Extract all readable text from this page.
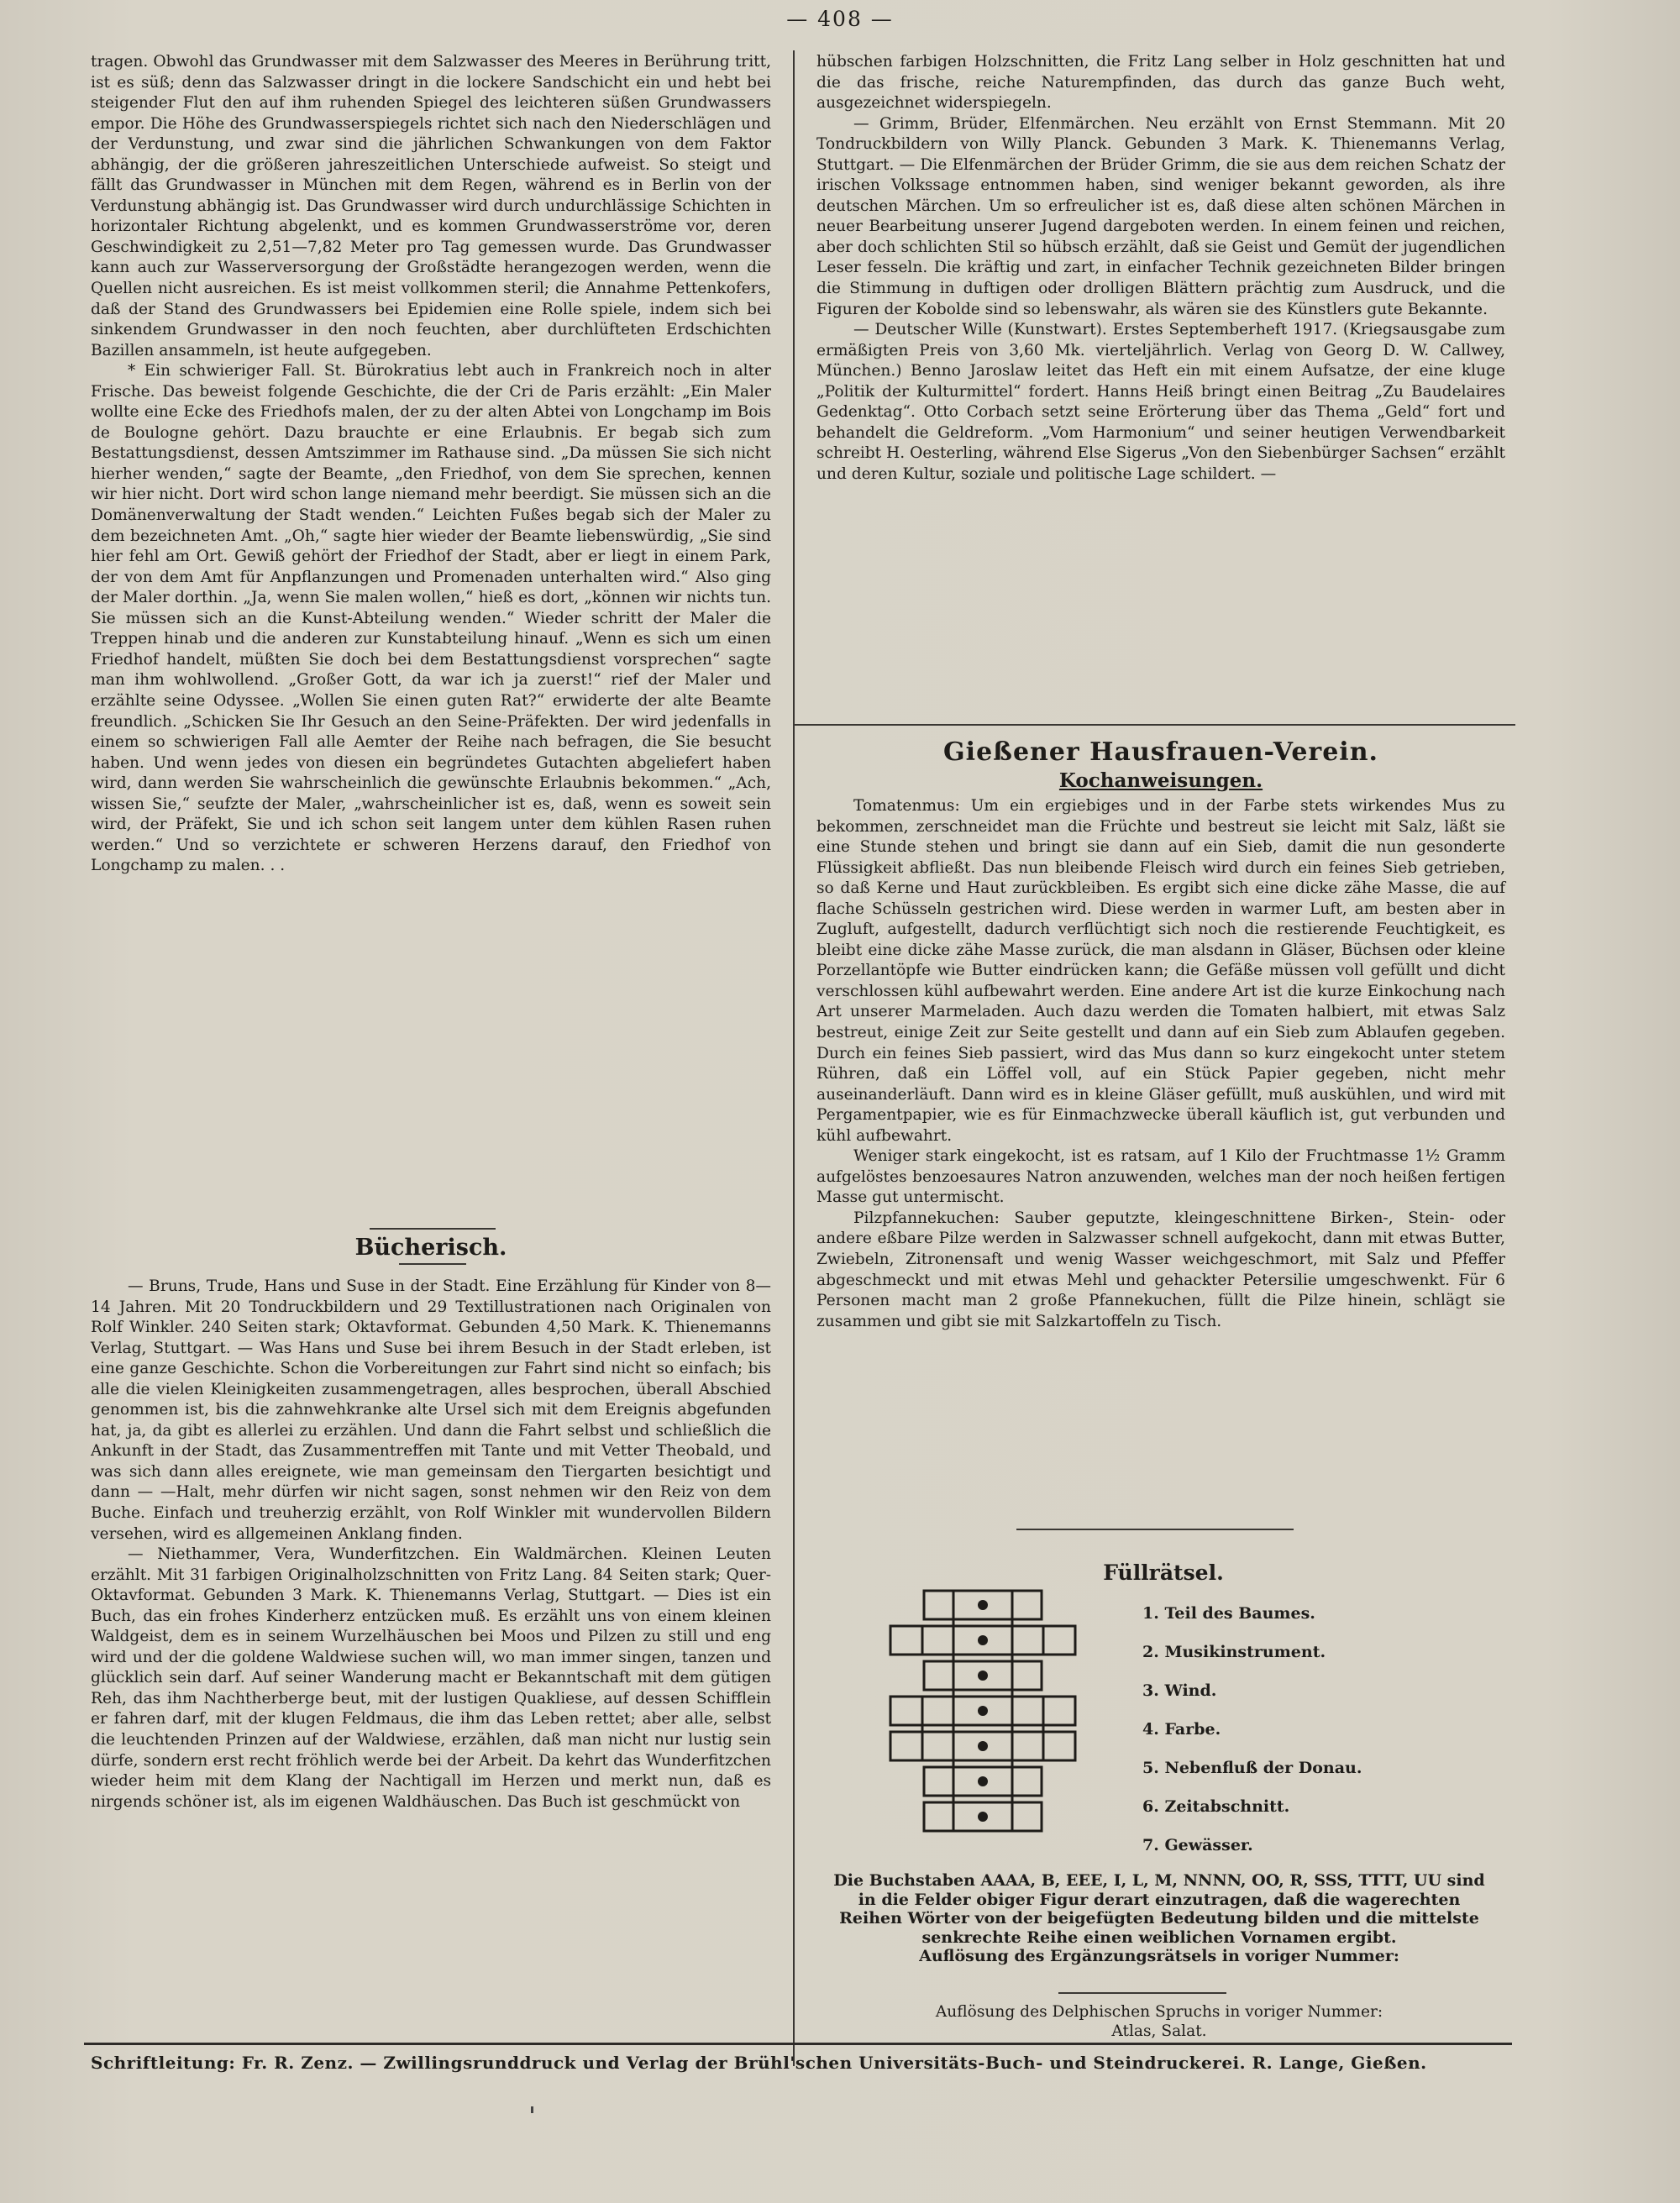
— 408 —

tragen. Obwohl das Grundwasser mit dem Salzwasser des Meeres in Berührung tritt, ist es süß; denn das Salzwasser dringt in die lockere Sandschicht ein und hebt bei steigender Flut den auf ihm ruhenden Spiegel des leichteren süßen Grundwassers empor. Die Höhe des Grundwasserspiegels richtet sich nach den Niederschlägen und der Verdunstung, und zwar sind die jährlichen Schwankungen von dem Faktor abhängig, der die größeren jahreszeitlichen Unterschiede aufweist. So steigt und fällt das Grundwasser in München mit dem Regen, während es in Berlin von der Verdunstung abhängig ist. Das Grundwasser wird durch undurchlässige Schichten in horizontaler Richtung abgelenkt, und es kommen Grundwasserströme vor, deren Geschwindigkeit zu 2,51—7,82 Meter pro Tag gemessen wurde. Das Grundwasser kann auch zur Wasserversorgung der Großstädte herangezogen werden, wenn die Quellen nicht ausreichen. Es ist meist vollkommen steril; die Annahme Pettenkofers, daß der Stand des Grundwassers bei Epidemien eine Rolle spiele, indem sich bei sinkendem Grundwasser in den noch feuchten, aber durchlüfteten Erdschichten Bazillen ansammeln, ist heute aufgegeben.

* Ein schwieriger Fall. St. Bürokratius lebt auch in Frankreich noch in alter Frische. Das beweist folgende Geschichte, die der Cri de Paris erzählt: „Ein Maler wollte eine Ecke des Friedhofs malen, der zu der alten Abtei von Longchamp im Bois de Boulogne gehört. Dazu brauchte er eine Erlaubnis. Er begab sich zum Bestattungsdienst, dessen Amtszimmer im Rathause sind. „Da müssen Sie sich nicht hierher wenden,“ sagte der Beamte, „den Friedhof, von dem Sie sprechen, kennen wir hier nicht. Dort wird schon lange niemand mehr beerdigt. Sie müssen sich an die Domänenverwaltung der Stadt wenden.“ Leichten Fußes begab sich der Maler zu dem bezeichneten Amt. „Oh,“ sagte hier wieder der Beamte liebenswürdig, „Sie sind hier fehl am Ort. Gewiß gehört der Friedhof der Stadt, aber er liegt in einem Park, der von dem Amt für Anpflanzungen und Promenaden unterhalten wird.“ Also ging der Maler dorthin. „Ja, wenn Sie malen wollen,“ hieß es dort, „können wir nichts tun. Sie müssen sich an die Kunst-Abteilung wenden.“ Wieder schritt der Maler die Treppen hinab und die anderen zur Kunstabteilung hinauf. „Wenn es sich um einen Friedhof handelt, müßten Sie doch bei dem Bestattungsdienst vorsprechen“ sagte man ihm wohlwollend. „Großer Gott, da war ich ja zuerst!“ rief der Maler und erzählte seine Odyssee. „Wollen Sie einen guten Rat?“ erwiderte der alte Beamte freundlich. „Schicken Sie Ihr Gesuch an den Seine-Präfekten. Der wird jedenfalls in einem so schwierigen Fall alle Aemter der Reihe nach befragen, die Sie besucht haben. Und wenn jedes von diesen ein begründetes Gutachten abgeliefert haben wird, dann werden Sie wahrscheinlich die gewünschte Erlaubnis bekommen.“ „Ach, wissen Sie,“ seufzte der Maler, „wahrscheinlicher ist es, daß, wenn es soweit sein wird, der Präfekt, Sie und ich schon seit langem unter dem kühlen Rasen ruhen werden.“ Und so verzichtete er schweren Herzens darauf, den Friedhof von Longchamp zu malen. . .

Bücherisch.

— Bruns, Trude, Hans und Suse in der Stadt. Eine Erzählung für Kinder von 8—14 Jahren. Mit 20 Tondruckbildern und 29 Textillustrationen nach Originalen von Rolf Winkler. 240 Seiten stark; Oktavformat. Gebunden 4,50 Mark. K. Thienemanns Verlag, Stuttgart. — Was Hans und Suse bei ihrem Besuch in der Stadt erleben, ist eine ganze Geschichte. Schon die Vorbereitungen zur Fahrt sind nicht so einfach; bis alle die vielen Kleinigkeiten zusammengetragen, alles besprochen, überall Abschied genommen ist, bis die zahnwehkranke alte Ursel sich mit dem Ereignis abgefunden hat, ja, da gibt es allerlei zu erzählen. Und dann die Fahrt selbst und schließlich die Ankunft in der Stadt, das Zusammentreffen mit Tante und mit Vetter Theobald, und was sich dann alles ereignete, wie man gemeinsam den Tiergarten besichtigt und dann — —Halt, mehr dürfen wir nicht sagen, sonst nehmen wir den Reiz von dem Buche. Einfach und treuherzig erzählt, von Rolf Winkler mit wundervollen Bildern versehen, wird es allgemeinen Anklang finden.

— Niethammer, Vera, Wunderfitzchen. Ein Waldmärchen. Kleinen Leuten erzählt. Mit 31 farbigen Originalholzschnitten von Fritz Lang. 84 Seiten stark; Quer-Oktavformat. Gebunden 3 Mark. K. Thienemanns Verlag, Stuttgart. — Dies ist ein Buch, das ein frohes Kinderherz entzücken muß. Es erzählt uns von einem kleinen Waldgeist, dem es in seinem Wurzelhäuschen bei Moos und Pilzen zu still und eng wird und der die goldene Waldwiese suchen will, wo man immer singen, tanzen und glücklich sein darf. Auf seiner Wanderung macht er Bekanntschaft mit dem gütigen Reh, das ihm Nachtherberge beut, mit der lustigen Quakliese, auf dessen Schifflein er fahren darf, mit der klugen Feldmaus, die ihm das Leben rettet; aber alle, selbst die leuchtenden Prinzen auf der Waldwiese, erzählen, daß man nicht nur lustig sein dürfe, sondern erst recht fröhlich werde bei der Arbeit. Da kehrt das Wunderfitzchen wieder heim mit dem Klang der Nachtigall im Herzen und merkt nun, daß es nirgends schöner ist, als im eigenen Waldhäuschen. Das Buch ist geschmückt von

hübschen farbigen Holzschnitten, die Fritz Lang selber in Holz geschnitten hat und die das frische, reiche Naturempfinden, das durch das ganze Buch weht, ausgezeichnet widerspiegeln.

— Grimm, Brüder, Elfenmärchen. Neu erzählt von Ernst Stemmann. Mit 20 Tondruckbildern von Willy Planck. Gebunden 3 Mark. K. Thienemanns Verlag, Stuttgart. — Die Elfenmärchen der Brüder Grimm, die sie aus dem reichen Schatz der irischen Volkssage entnommen haben, sind weniger bekannt geworden, als ihre deutschen Märchen. Um so erfreulicher ist es, daß diese alten schönen Märchen in neuer Bearbeitung unserer Jugend dargeboten werden. In einem feinen und reichen, aber doch schlichten Stil so hübsch erzählt, daß sie Geist und Gemüt der jugendlichen Leser fesseln. Die kräftig und zart, in einfacher Technik gezeichneten Bilder bringen die Stimmung in duftigen oder drolligen Blättern prächtig zum Ausdruck, und die Figuren der Kobolde sind so lebenswahr, als wären sie des Künstlers gute Bekannte.

— Deutscher Wille (Kunstwart). Erstes Septemberheft 1917. (Kriegsausgabe zum ermäßigten Preis von 3,60 Mk. vierteljährlich. Verlag von Georg D. W. Callwey, München.) Benno Jaroslaw leitet das Heft ein mit einem Aufsatze, der eine kluge „Politik der Kulturmittel“ fordert. Hanns Heiß bringt einen Beitrag „Zu Baudelaires Gedenktag“. Otto Corbach setzt seine Erörterung über das Thema „Geld“ fort und behandelt die Geldreform. „Vom Harmonium“ und seiner heutigen Verwendbarkeit schreibt H. Oesterling, während Else Sigerus „Von den Siebenbürger Sachsen“ erzählt und deren Kultur, soziale und politische Lage schildert. —

Gießener Hausfrauen-Verein.
Kochanweisungen.

Tomatenmus: Um ein ergiebiges und in der Farbe stets wirkendes Mus zu bekommen, zerschneidet man die Früchte und bestreut sie leicht mit Salz, läßt sie eine Stunde stehen und bringt sie dann auf ein Sieb, damit die nun gesonderte Flüssigkeit abfließt. Das nun bleibende Fleisch wird durch ein feines Sieb getrieben, so daß Kerne und Haut zurückbleiben. Es ergibt sich eine dicke zähe Masse, die auf flache Schüsseln gestrichen wird. Diese werden in warmer Luft, am besten aber in Zugluft, aufgestellt, dadurch verflüchtigt sich noch die restierende Feuchtigkeit, es bleibt eine dicke zähe Masse zurück, die man alsdann in Gläser, Büchsen oder kleine Porzellantöpfe wie Butter eindrücken kann; die Gefäße müssen voll gefüllt und dicht verschlossen kühl aufbewahrt werden. Eine andere Art ist die kurze Einkochung nach Art unserer Marmeladen. Auch dazu werden die Tomaten halbiert, mit etwas Salz bestreut, einige Zeit zur Seite gestellt und dann auf ein Sieb zum Ablaufen gegeben. Durch ein feines Sieb passiert, wird das Mus dann so kurz eingekocht unter stetem Rühren, daß ein Löffel voll, auf ein Stück Papier gegeben, nicht mehr auseinanderläuft. Dann wird es in kleine Gläser gefüllt, muß auskühlen, und wird mit Pergamentpapier, wie es für Einmachzwecke überall käuflich ist, gut verbunden und kühl aufbewahrt.

Weniger stark eingekocht, ist es ratsam, auf 1 Kilo der Fruchtmasse 1½ Gramm aufgelöstes benzoesaures Natron anzuwenden, welches man der noch heißen fertigen Masse gut untermischt.

Pilzpfannekuchen: Sauber geputzte, kleingeschnittene Birken-, Stein- oder andere eßbare Pilze werden in Salzwasser schnell aufgekocht, dann mit etwas Butter, Zwiebeln, Zitronensaft und wenig Wasser weichgeschmort, mit Salz und Pfeffer abgeschmeckt und mit etwas Mehl und gehackter Petersilie umgeschwenkt. Für 6 Personen macht man 2 große Pfannekuchen, füllt die Pilze hinein, schlägt sie zusammen und gibt sie mit Salzkartoffeln zu Tisch.

Füllrätsel.
1. Teil des Baumes.
2. Musikinstrument.
3. Wind.
4. Farbe.
5. Nebenfluß der Donau.
6. Zeitabschnitt.
7. Gewässer.
Die Buchstaben AAAA, B, EEE, I, L, M, NNNN, OO, R, SSS, TTTT, UU sind in die Felder obiger Figur derart einzutragen, daß die wagerechten Reihen Wörter von der beigefügten Bedeutung bilden und die mittelste senkrechte Reihe einen weiblichen Vornamen ergibt.
Auflösung des Ergänzungsrätsels in voriger Nummer:
Auflösung des Delphischen Spruchs in voriger Nummer:
Atlas, Salat.
Schriftleitung: Fr. R. Zenz. — Zwillingsrunddruck und Verlag der Brühl'schen Universitäts-Buch- und Steindruckerei. R. Lange, Gießen.
